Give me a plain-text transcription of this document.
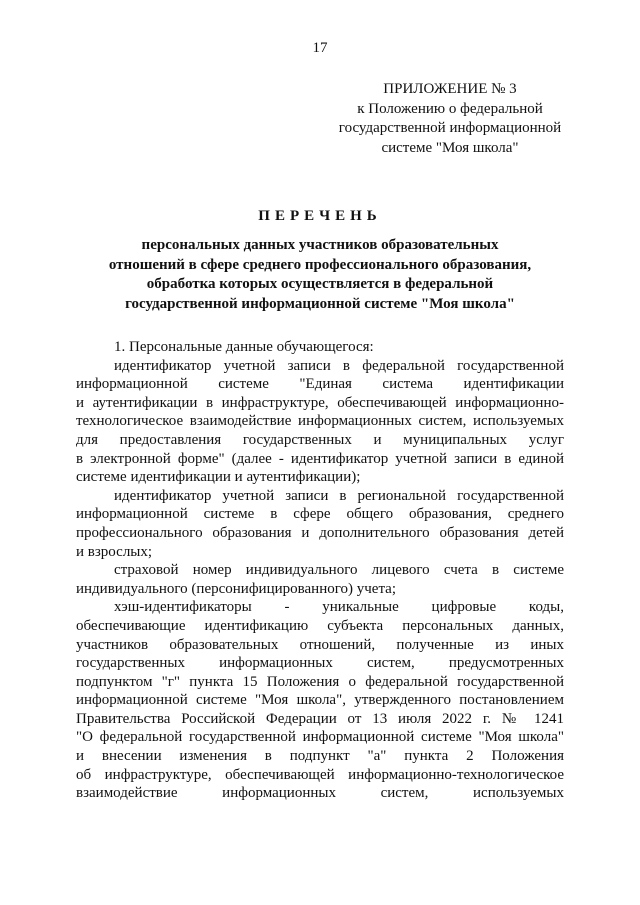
17
ПРИЛОЖЕНИЕ № 3
к Положению о федеральной
государственной информационной
системе "Моя школа"
ПЕРЕЧЕНЬ
персональных данных участников образовательных
отношений в сфере среднего профессионального образования,
обработка которых осуществляется в федеральной
государственной информационной системе "Моя школа"
1. Персональные данные обучающегося:
идентификатор учетной записи в федеральной государственной
информационной системе "Единая система идентификации
и аутентификации в инфраструктуре, обеспечивающей информационно-
технологическое взаимодействие информационных систем, используемых
для предоставления государственных и муниципальных услуг
в электронной форме" (далее - идентификатор учетной записи в единой
системе идентификации и аутентификации);
идентификатор учетной записи в региональной государственной
информационной системе в сфере общего образования, среднего
профессионального образования и дополнительного образования детей
и взрослых;
страховой номер индивидуального лицевого счета в системе
индивидуального (персонифицированного) учета;
хэш-идентификаторы - уникальные цифровые коды,
обеспечивающие идентификацию субъекта персональных данных,
участников образовательных отношений, полученные из иных
государственных информационных систем, предусмотренных
подпунктом "г" пункта 15 Положения о федеральной государственной
информационной системе "Моя школа", утвержденного постановлением
Правительства Российской Федерации от 13 июля 2022 г. № 1241
"О федеральной государственной информационной системе "Моя школа"
и внесении изменения в подпункт "а" пункта 2 Положения
об инфраструктуре, обеспечивающей информационно-технологическое
взаимодействие информационных систем, используемых
